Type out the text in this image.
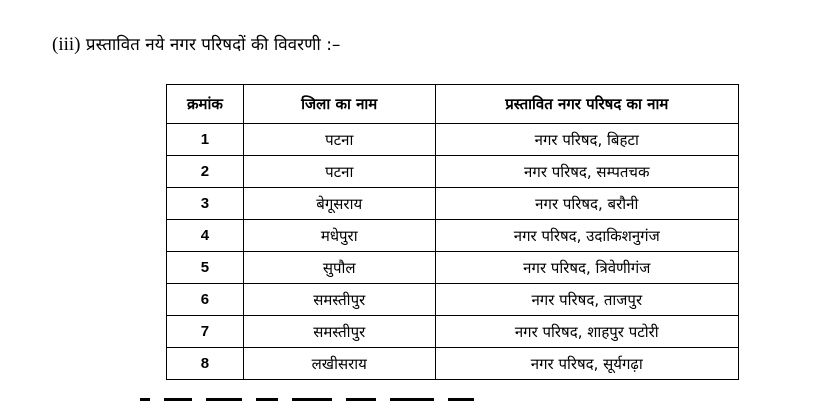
(iii) प्रस्तावित नये नगर परिषदों की विवरणी :–
क्रमांक	जिला का नाम	प्रस्तावित नगर परिषद का नाम
1	पटना	नगर परिषद, बिहटा
2	पटना	नगर परिषद, सम्पतचक
3	बेगूसराय	नगर परिषद, बरौनी
4	मधेपुरा	नगर परिषद, उदाकिशनुगंज
5	सुपौल	नगर परिषद, त्रिवेणीगंज
6	समस्तीपुर	नगर परिषद, ताजपुर
7	समस्तीपुर	नगर परिषद, शाहपुर पटोरी
8	लखीसराय	नगर परिषद, सूर्यगढ़ा
